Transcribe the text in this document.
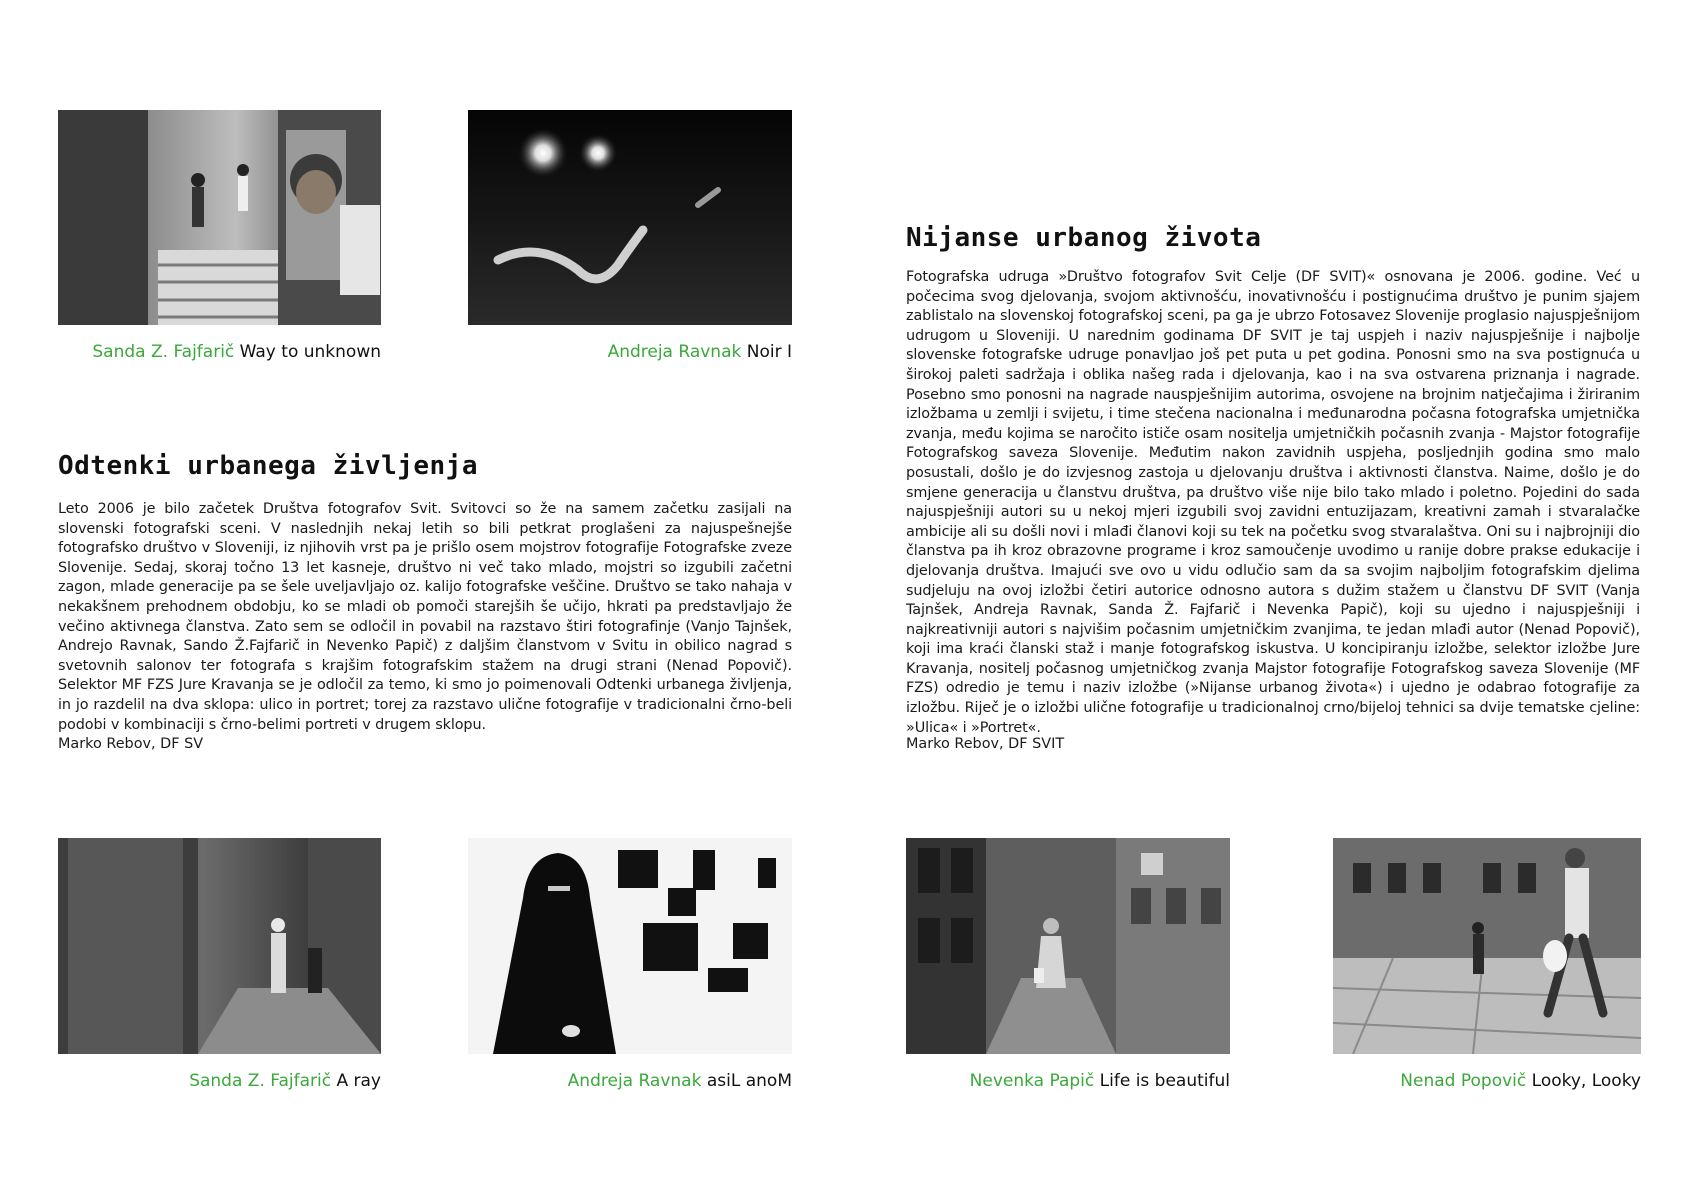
Sanda Z. Fajfarič Way to unknown	Andreja Ravnak Noir I
Odtenki urbanega življenja

Leto 2006 je bilo začetek Društva fotografov Svit. Svitovci so že na samem začetku zasijali na slovenski fotografski sceni. V naslednjih nekaj letih so bili petkrat proglašeni za najuspešnejše fotografsko društvo v Sloveniji, iz njihovih vrst pa je prišlo osem mojstrov fotografije Fotografske zveze Slovenije. Sedaj, skoraj točno 13 let kasneje, društvo ni več tako mlado, mojstri so izgubili začetni zagon, mlade generacije pa se šele uveljavljajo oz. kalijo fotografske veščine. Društvo se tako nahaja v nekakšnem prehodnem obdobju, ko se mladi ob pomoči starejših še učijo, hkrati pa predstavljajo že večino aktivnega članstva. Zato sem se odločil in povabil na razstavo štiri fotografinje (Vanjo Tajnšek, Andrejo Ravnak, Sando Ž.Fajfarič in Nevenko Papič) z daljšim članstvom v Svitu in obilico nagrad s svetovnih salonov ter fotografa s krajšim fotografskim stažem na drugi strani (Nenad Popovič). Selektor MF FZS Jure Kravanja se je odločil za temo, ki smo jo poimenovali Odtenki urbanega življenja, in jo razdelil na dva sklopa: ulico in portret; torej za razstavo ulične fotografije v tradicionalni črno-beli podobi v kombinaciji s črno-belimi portreti v drugem sklopu.

Marko Rebov, DF SV

Nijanse urbanog života

Fotografska udruga »Društvo fotografov Svit Celje (DF SVIT)« osnovana je 2006. godine. Već u počecima svog djelovanja, svojom aktivnošću, inovativnošću i postignućima društvo je punim sjajem zablistalo na slovenskoj fotografskoj sceni, pa ga je ubrzo Fotosavez Slovenije proglasio najuspješnijom udrugom u Sloveniji. U narednim godinama DF SVIT je taj uspjeh i naziv najuspješnije i najbolje slovenske fotografske udruge ponavljao još pet puta u pet godina. Ponosni smo na sva postignuća u širokoj paleti sadržaja i oblika našeg rada i djelovanja, kao i na sva ostvarena priznanja i nagrade. Posebno smo ponosni na nagrade nauspješnijim autorima, osvojene na brojnim natječajima i žiriranim izložbama u zemlji i svijetu, i time stečena nacionalna i međunarodna počasna fotografska umjetnička zvanja, među kojima se naročito ističe osam nositelja umjetničkih počasnih zvanja - Majstor fotografije Fotografskog saveza Slovenije. Međutim nakon zavidnih uspjeha, posljednjih godina smo malo posustali, došlo je do izvjesnog zastoja u djelovanju društva i aktivnosti članstva. Naime, došlo je do smjene generacija u članstvu društva, pa društvo više nije bilo tako mlado i poletno. Pojedini do sada najuspješniji autori su u nekoj mjeri izgubili svoj zavidni entuzijazam, kreativni zamah i stvaralačke ambicije ali su došli novi i mlađi članovi koji su tek na početku svog stvaralaštva. Oni su i najbrojniji dio članstva pa ih kroz obrazovne programe i kroz samoučenje uvodimo u ranije dobre prakse edukacije i djelovanja društva. Imajući sve ovo u vidu odlučio sam da sa svojim najboljim fotografskim djelima sudjeluju na ovoj izložbi četiri autorice odnosno autora s dužim stažem u članstvu DF SVIT (Vanja Tajnšek, Andreja Ravnak, Sanda Ž. Fajfarič i Nevenka Papič), koji su ujedno i najuspješniji i najkreativniji autori s najvišim počasnim umjetničkim zvanjima, te jedan mlađi autor (Nenad Popovič), koji ima kraći članski staž i manje fotografskog iskustva. U koncipiranju izložbe, selektor izložbe Jure Kravanja, nositelj počasnog umjetničkog zvanja Majstor fotografije Fotografskog saveza Slovenije (MF FZS) odredio je temu i naziv izložbe (»Nijanse urbanog života«) i ujedno je odabrao fotografije za izložbu. Riječ je o izložbi ulične fotografije u tradicionalnoj crno/bijeloj tehnici sa dvije tematske cjeline: »Ulica« i »Portret«.

Marko Rebov, DF SVIT

Sanda Z. Fajfarič A ray	Andreja Ravnak asiL anoM	Nevenka Papič Life is beautiful	Nenad Popovič Looky, Looky
